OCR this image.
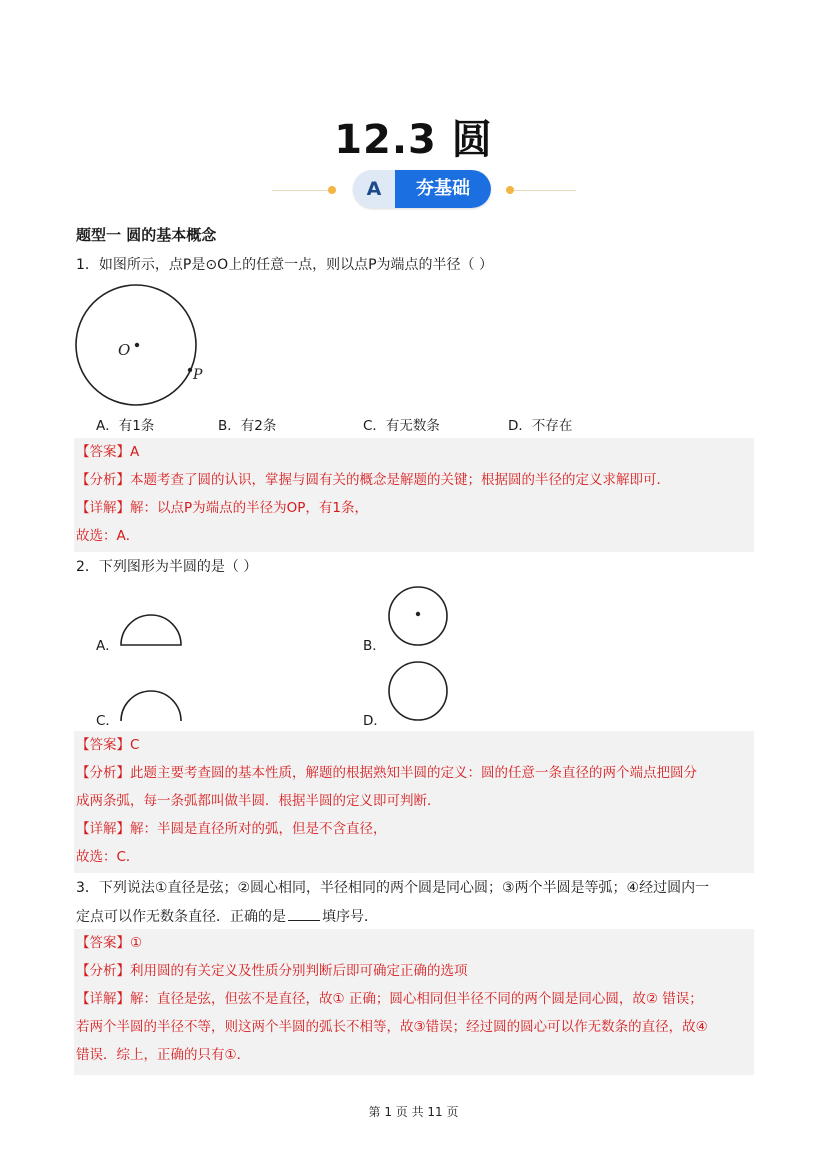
12.3 圆
A	夯基础
题型一 圆的基本概念
1．如图所示，点P是⊙O上的任意一点，则以点P为端点的半径（ ）
O
P
A．有1条	B．有2条	C．有无数条	D．不存在
【答案】A
【分析】本题考查了圆的认识，掌握与圆有关的概念是解题的关键；根据圆的半径的定义求解即可．
【详解】解：以点P为端点的半径为OP，有1条，
故选：A．
2．下列图形为半圆的是（ ）
A．	B．
C．	D．
【答案】C
【分析】此题主要考查圆的基本性质，解题的根据熟知半圆的定义：圆的任意一条直径的两个端点把圆分
成两条弧，每一条弧都叫做半圆．根据半圆的定义即可判断．
【详解】解：半圆是直径所对的弧，但是不含直径，
故选：C．
3．下列说法①直径是弦；②圆心相同，半径相同的两个圆是同心圆；③两个半圆是等弧；④经过圆内一
定点可以作无数条直径．正确的是	填序号．
【答案】①
【分析】利用圆的有关定义及性质分别判断后即可确定正确的选项
【详解】解：直径是弦，但弦不是直径，故① 正确；圆心相同但半径不同的两个圆是同心圆，故② 错误；
若两个半圆的半径不等，则这两个半圆的弧长不相等，故③错误；经过圆的圆心可以作无数条的直径，故④
错误．综上，正确的只有①．
第 1 页 共 11 页
